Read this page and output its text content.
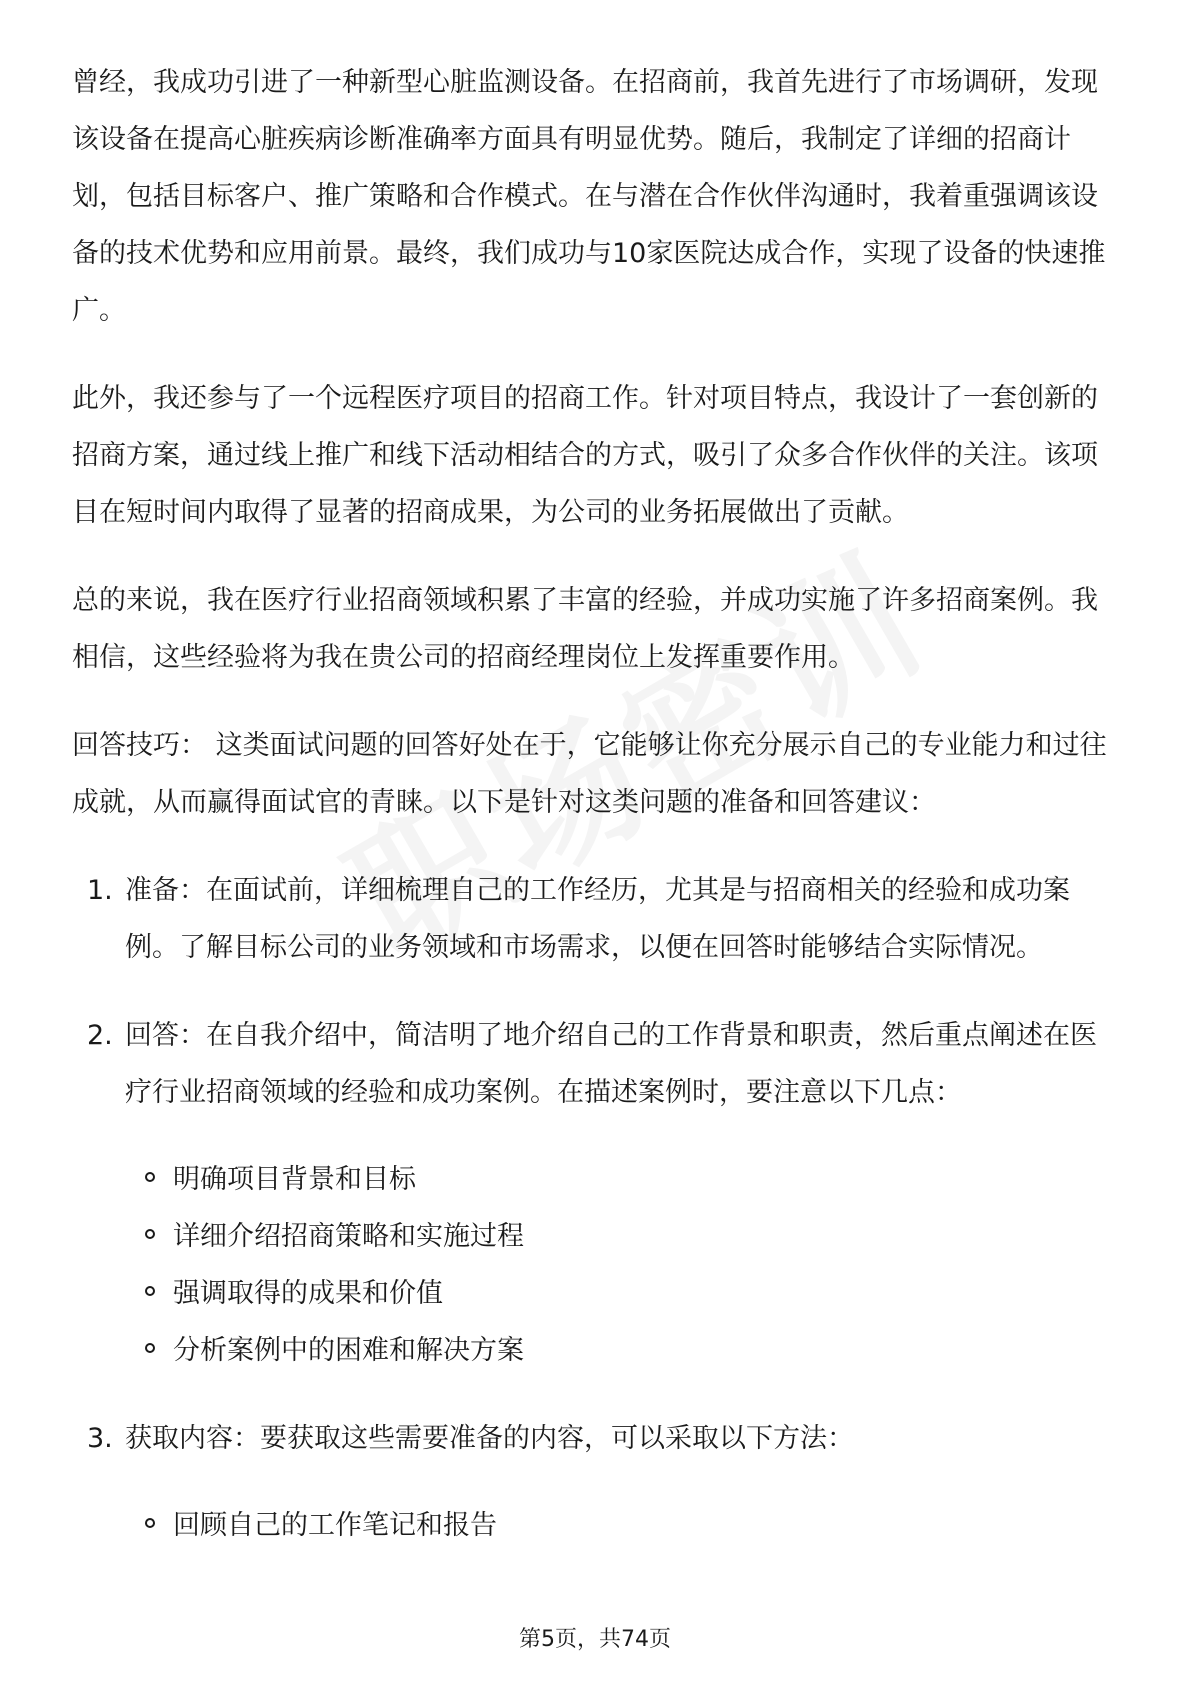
曾经，我成功引进了一种新型心脏监测设备。在招商前，我首先进行了市场调研，发现该设备在提高心脏疾病诊断准确率方面具有明显优势。随后，我制定了详细的招商计划，包括目标客户、推广策略和合作模式。在与潜在合作伙伴沟通时，我着重强调该设备的技术优势和应用前景。最终，我们成功与10家医院达成合作，实现了设备的快速推广。

此外，我还参与了一个远程医疗项目的招商工作。针对项目特点，我设计了一套创新的招商方案，通过线上推广和线下活动相结合的方式，吸引了众多合作伙伴的关注。该项目在短时间内取得了显著的招商成果，为公司的业务拓展做出了贡献。

总的来说，我在医疗行业招商领域积累了丰富的经验，并成功实施了许多招商案例。我相信，这些经验将为我在贵公司的招商经理岗位上发挥重要作用。

回答技巧： 这类面试问题的回答好处在于，它能够让你充分展示自己的专业能力和过往成就，从而赢得面试官的青睐。以下是针对这类问题的准备和回答建议：

1. 准备：在面试前，详细梳理自己的工作经历，尤其是与招商相关的经验和成功案例。了解目标公司的业务领域和市场需求，以便在回答时能够结合实际情况。
2. 回答：在自我介绍中，简洁明了地介绍自己的工作背景和职责，然后重点阐述在医疗行业招商领域的经验和成功案例。在描述案例时，要注意以下几点：
明确项目背景和目标
详细介绍招商策略和实施过程
强调取得的成果和价值
分析案例中的困难和解决方案
3. 获取内容：要获取这些需要准备的内容，可以采取以下方法：
回顾自己的工作笔记和报告
第5页，共74页
